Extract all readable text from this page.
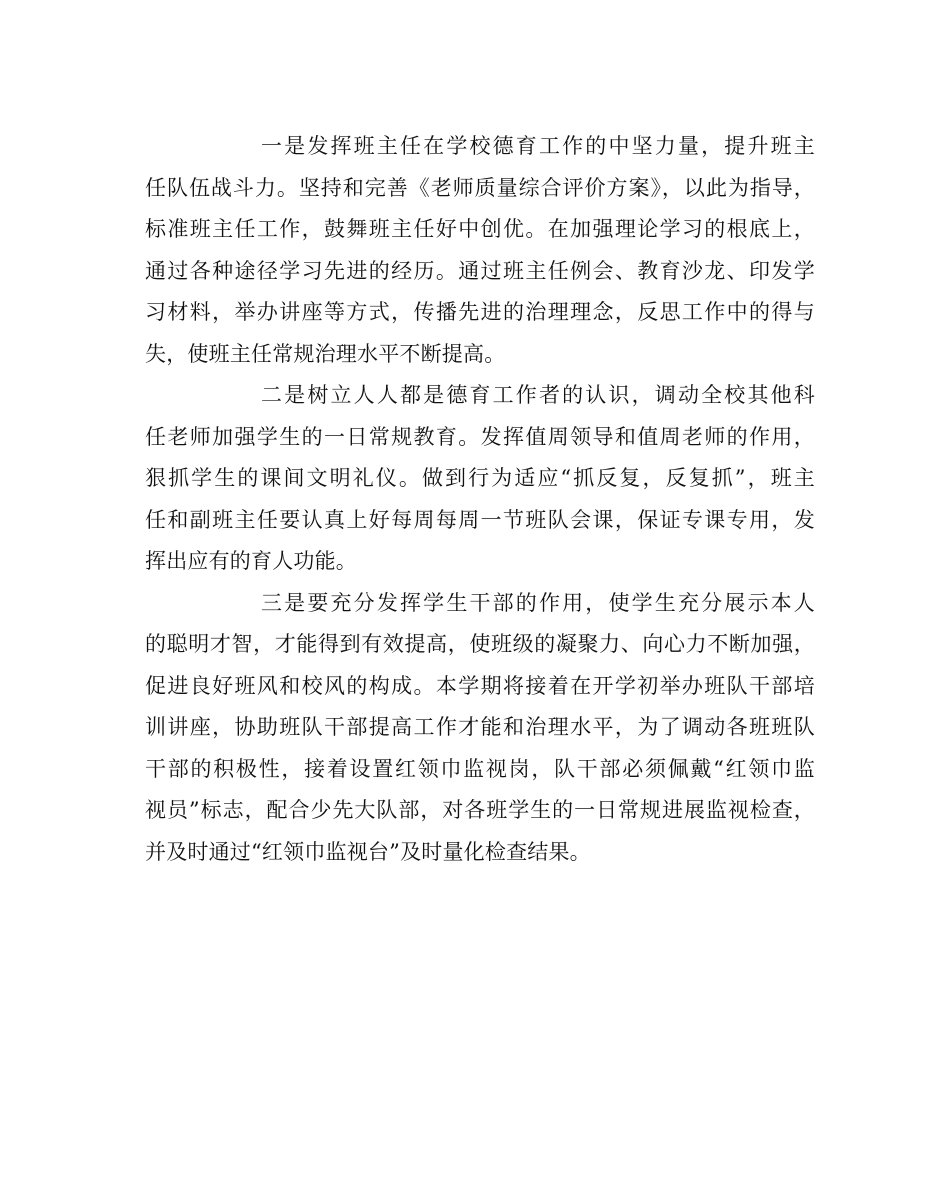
一是发挥班主任在学校德育工作的中坚力量，提升班主
任队伍战斗力。坚持和完善《老师质量综合评价方案》，以此为指导，
标准班主任工作，鼓舞班主任好中创优。在加强理论学习的根底上，
通过各种途径学习先进的经历。通过班主任例会、教育沙龙、印发学
习材料，举办讲座等方式，传播先进的治理理念，反思工作中的得与
失，使班主任常规治理水平不断提高。
二是树立人人都是德育工作者的认识，调动全校其他科
任老师加强学生的一日常规教育。发挥值周领导和值周老师的作用，
狠抓学生的课间文明礼仪。做到行为适应“抓反复，反复抓”，班主
任和副班主任要认真上好每周每周一节班队会课，保证专课专用，发
挥出应有的育人功能。
三是要充分发挥学生干部的作用，使学生充分展示本人
的聪明才智，才能得到有效提高，使班级的凝聚力、向心力不断加强，
促进良好班风和校风的构成。本学期将接着在开学初举办班队干部培
训讲座，协助班队干部提高工作才能和治理水平，为了调动各班班队
干部的积极性，接着设置红领巾监视岗，队干部必须佩戴“红领巾监
视员”标志，配合少先大队部，对各班学生的一日常规进展监视检查，
并及时通过“红领巾监视台”及时量化检查结果。
